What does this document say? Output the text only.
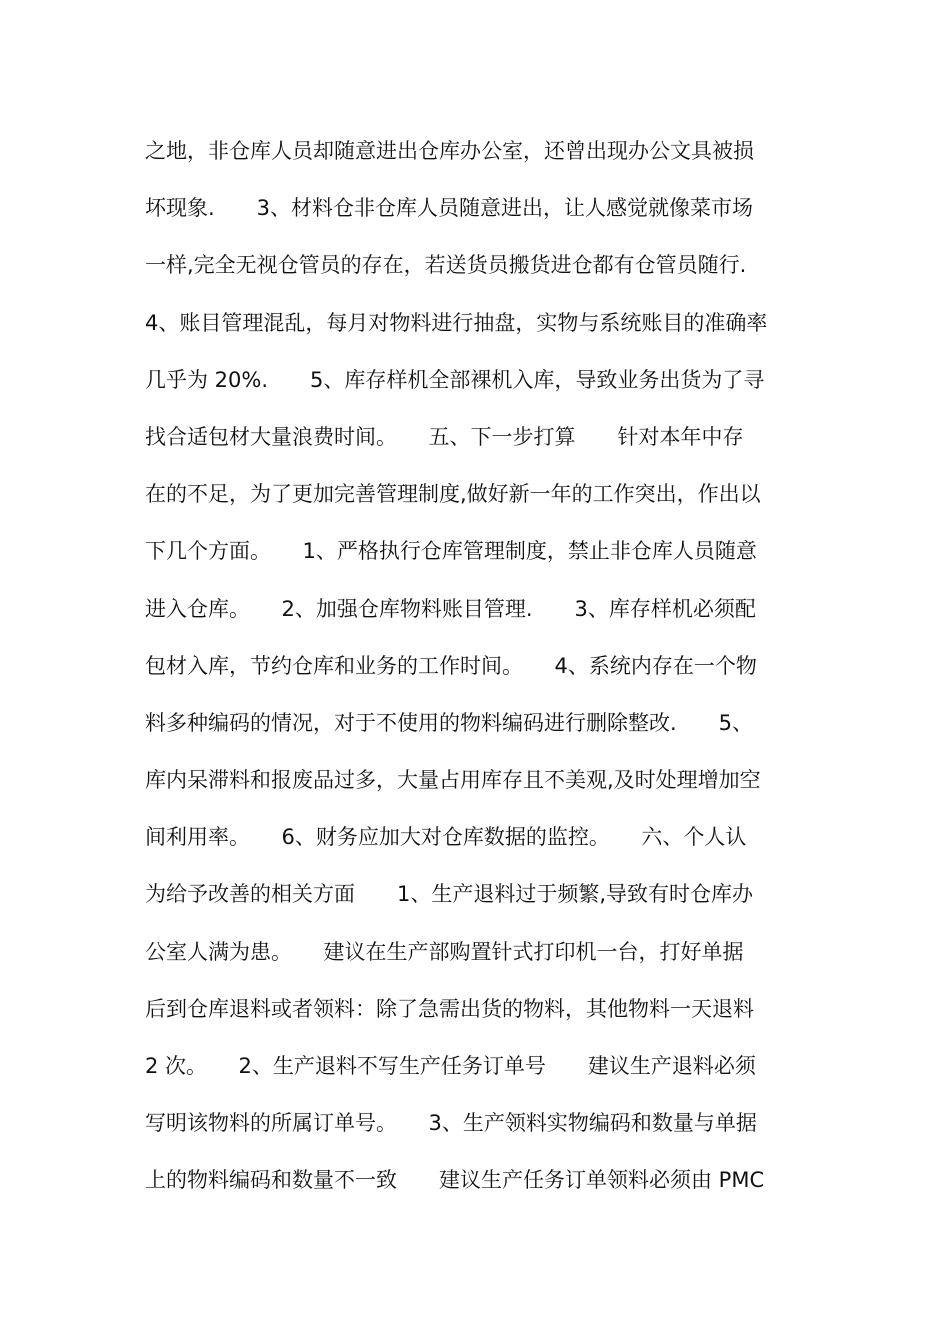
之地，非仓库人员却随意进出仓库办公室，还曾出现办公文具被损
坏现象.　　3、材料仓非仓库人员随意进出，让人感觉就像菜市场
一样,完全无视仓管员的存在，若送货员搬货进仓都有仓管员随行.
4、账目管理混乱，每月对物料进行抽盘，实物与系统账目的准确率
几乎为 20%.　　5、库存样机全部裸机入库，导致业务出货为了寻
找合适包材大量浪费时间。　　五、下一步打算　　针对本年中存
在的不足，为了更加完善管理制度,做好新一年的工作突出，作出以
下几个方面。　　1、严格执行仓库管理制度，禁止非仓库人员随意
进入仓库。　　2、加强仓库物料账目管理.　　3、库存样机必须配
包材入库，节约仓库和业务的工作时间。　　4、系统内存在一个物
料多种编码的情况，对于不使用的物料编码进行删除整改.　　5、
库内呆滞料和报废品过多，大量占用库存且不美观,及时处理增加空
间利用率。　　6、财务应加大对仓库数据的监控。　　六、个人认
为给予改善的相关方面　　1、生产退料过于频繁,导致有时仓库办
公室人满为患。　　建议在生产部购置针式打印机一台，打好单据
后到仓库退料或者领料：除了急需出货的物料，其他物料一天退料
2 次。　　2、生产退料不写生产任务订单号　　建议生产退料必须
写明该物料的所属订单号。　　3、生产领料实物编码和数量与单据
上的物料编码和数量不一致　　建议生产任务订单领料必须由 PMC
